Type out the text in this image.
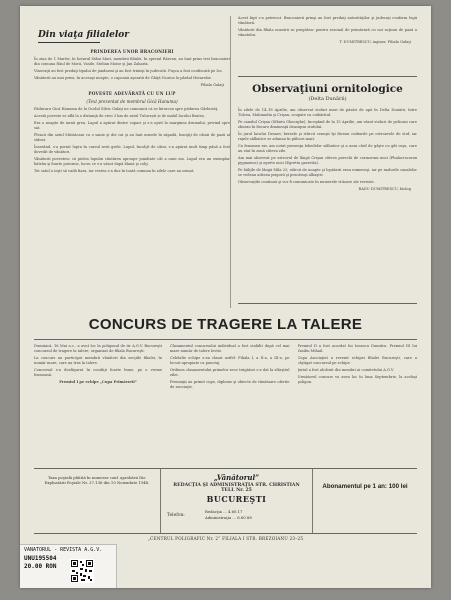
Din viaţa filialelor
PRINDEREA UNOR BRACONIERI

În ziua de 1 Martie, în hotarul Stâni Mari, membrii filialei, în special Răzvan, au luat prins trei braconieri din comuna Răul de Moră, Vasile, Stelian Moise şi Jan Zaharia.

Vinovaţii au fost predaţi tipului de jandarmi şi au fost trimişi în judecată. Puşca a fost confiscată pe loc.

Vânătorii au mai prins, în aceeaşi noapte, o capcană aşezată de Ghiţă Viorica la pârâul Hotarelor.

Filiala Galaţi
POVESTE ADEVĂRATĂ CU UN LUP
(Text prezentat de membrul Gică Hanuma)

Păduraru Gică Hanuma de la Ocolul Silvic Galaţi ne comunică că se întorcea spre pădurea Gârbovăţ.

Acestă poveste se află la o distanţă de vreo 3 km de satul Tulucești și de malul lacului Brateș.

Era o noapte de iarnă grea. Lupul a apărut dintre copaci şi s-a oprit la marginea drumului, privind spre sat.

Pleacă din satul Măstăcani cu o sanie şi doi cai şi au luat urmele în zăpadă, însoţiţi de câinii de pază ai stânei.

Înserând, s-a pornit lupta în cursul serii grele. Lupul, încolţit de câini, s-a apărat mult timp până a fost dovedit de vânători.

Vânătorii povestesc că pielea lupului cântărea aproape jumătate cât a unui om. Lupul era un exemplar bătrân şi foarte puternic, lucru ce s-a văzut după blană şi colţi.

Tot satul a ieşit să vadă fiara, iar vestea s-a dus în toată comuna în zilele care au urmat.

Acest fapt s-a petrecut. Braconierii prinşi au fost predaţi autorităţilor şi judecaţi conform legii vânătorii.

Vânătorii din filiala noastră se pregătesc pentru sezonul de primăvară cu noi acţiuni de pază a vânatului.

T. DUMITRESCU, inginer, Filiala Galaţi
Observaţiuni ornitologice
(Delta Dunării)

În zilele de 14–18 Aprilie, am observat stoluri mari de păsări de apă în Delta Dunării, între Tulcea, Mahmudia şi Crişan, ocupate cu cuibăritul.

Pe canalul Crişan (Sfântu Gheorghe), începând de la 15 Aprilie, am văzut stoluri de pelicani care zburau în fiecare dimineaţă deasupra stufului.

În jurul lacului Dranov, berzele şi stârcii cenuşii îşi făceau cuiburile pe ostroavele de stuf, iar raţele sălbatice se adunau în pâlcuri mari.

Ca fenomen rar, am notat prezenţa lebedelor sălbatice şi a unui cârd de gâşte cu gât roşu, care au stat în zonă câteva zile.

Am mai observat pe ostrovul de lângă Crişan câteva perechi de cormorani mici (Phalacrocorax pygmaeus) şi egrete mici (Egretta garzetta).

Pe bălţile de lângă Mila 23, stârcii de noapte şi lopătarii erau numeroşi, iar pe malurile canalelor se vedeau adesea prigorii şi pescăruşi albaştri.

Observaţiile continuă şi vor fi comunicate în numerele viitoare ale revistei.

RADU DUMITRESCU, biolog
CONCURS DE TRAGERE LA TALERE

Duminică, 16 Mai a.c., a avut loc la poligonul de tir A.G.V. Bucureşti concursul de tragere la talere, organizat de filiala Bucureşti.

La concurs au participat membrii vânători din secţiile filialei, în număr mare, care au tras la talere.

Concursul s-a desfăşurat în condiţii foarte bune, pe o vreme frumoasă.

Premiul I pe echipe „Cupa Primăverii”

Clasamentul concursului individual a fost stabilit după cel mai mare număr de talere lovite.

Celelalte echipe s-au clasat astfel: Filiala I, a II-a, a III-a, pe locuri apropiate ca punctaj.

Ordinea clasamentului primelor zece trăgători s-a dat la sfârşitul zilei.

Premiaţii au primit cupe, diplome şi obiecte de vânătoare oferite de asociaţie.

Premiul II a fost acordat lui Ionescu Dumitru. Premiul III lui Vasiliu Mihail.

Cupa Asociaţiei a revenit echipei filialei Bucureşti, care a câştigat concursul pe echipe.

Juriul a fost alcătuit din membri ai comitetului A.G.V.

Următorul concurs va avea loc în luna Septembrie, la acelaşi poligon.

Taxa poştală plătită în numerar conf. aprobării Dir. Exploatării Poştale Nr. 27.136 din 15 Noiembrie 1948.
„Vânătorul”
REDACŢIA ŞI ADMINISTRAŢIA STR. CHRISTIAN TELL Nr. 25
BUCUREŞTI
Telefon:
Redacţia ... 4.60.17
Administraţia ... 6.60.88
Abonamentul pe 1 an: 100 lei
„CENTRUL POLIGRAFIC Nr. 2” FILIALA I STR. BREZOIANU 23–25
VANATORUL - REVISTA A.G.V.
UNU195504
20.00 RON
